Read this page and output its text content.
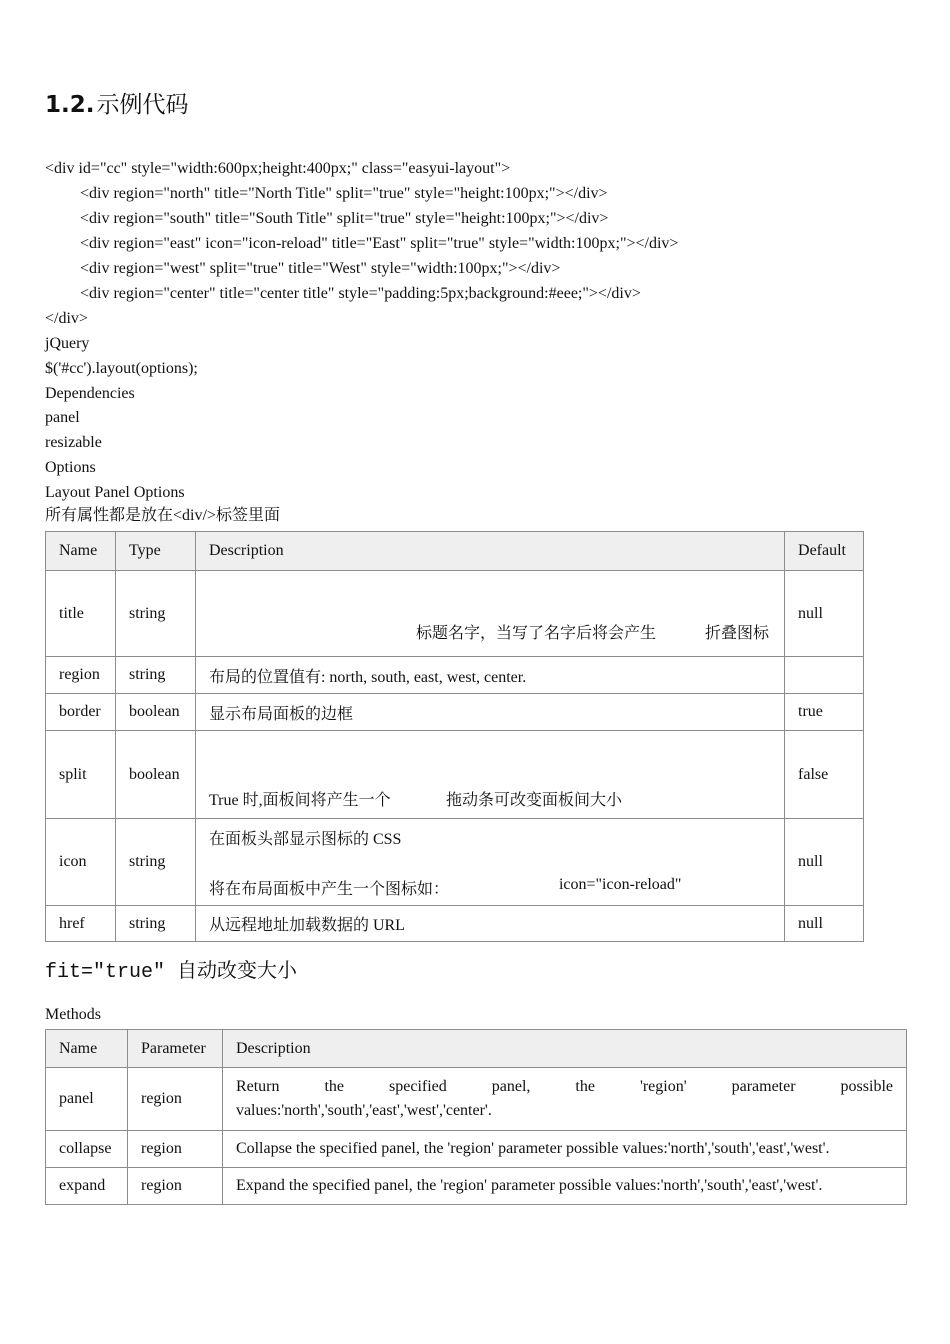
1.2.示例代码
<div id="cc" style="width:600px;height:400px;" class="easyui-layout">
<div region="north" title="North Title" split="true" style="height:100px;"></div>
<div region="south" title="South Title" split="true" style="height:100px;"></div>
<div region="east" icon="icon-reload" title="East" split="true" style="width:100px;"></div>
<div region="west" split="true" title="West" style="width:100px;"></div>
<div region="center" title="center title" style="padding:5px;background:#eee;"></div>
</div>
jQuery
$('#cc').layout(options);
Dependencies
panel
resizable
Options
Layout Panel Options
所有属性都是放在<div/>标签里面
Name	Type	Description	Default
title	string	标题名字，当写了名字后将会产生 折叠图标	null
region	string	布局的位置值有: north, south, east, west, center.	
border	boolean	显示布局面板的边框	true
split	boolean	True 时,面板间将产生一个 拖动条可改变面板间大小	false
icon	string	在面板头部显示图标的 CSS
将在布局面板中产生一个图标如： icon="icon-reload"	null
href	string	从远程地址加载数据的 URL	null
fit="true" 自动改变大小
Methods
Name	Parameter	Description
panel	region	Return the specified panel, the 'region' parameter possible
values:'north','south','east','west','center'.

collapse	region	Collapse the specified panel, the 'region' parameter possible values:'north','south','east','west'.
expand	region	Expand the specified panel, the 'region' parameter possible values:'north','south','east','west'.
